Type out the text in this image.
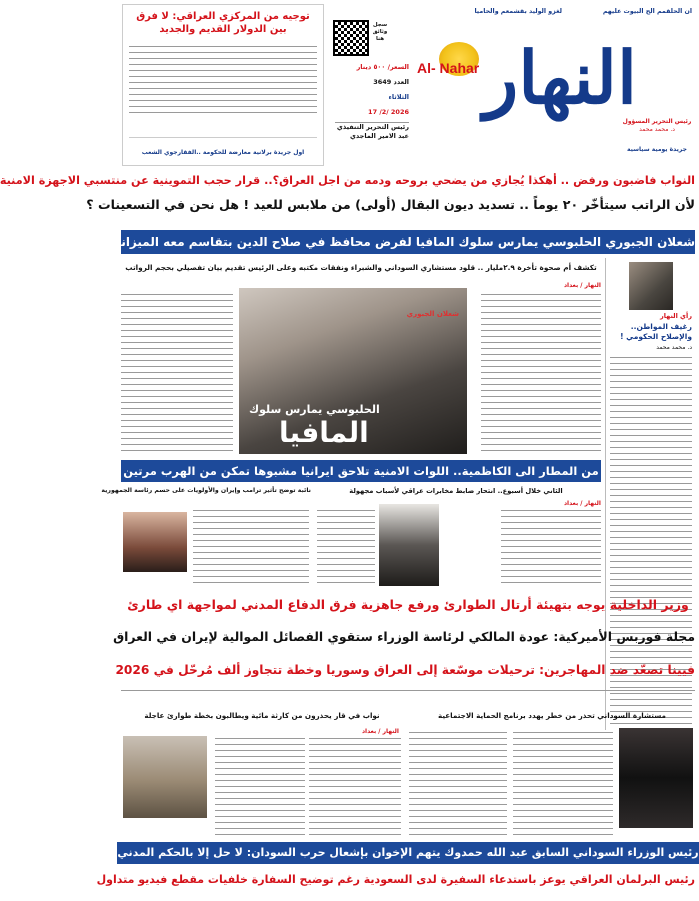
ان الحلقمم الح البيوت عليهم
لغزو الوليد بقشمعم والحاميا
توجيه من المركزي العراقي: لا فرق بين الدولار القديم والجديد
اول جريدة برلانية معارضة للحكومة ..الفقارجوي الشعب
سجل وثائق هنا
السعر/ ٥٠٠ دينار
العدد 3649
الثلاثاء
2026 /2/ 17
رئيس التحرير التنفيذي
عبد الامير الماجدي
Al- Nahar النهار
رئيس التحرير المسؤول
د. محمد محمد
جريدة يومية سياسية
النواب فاضبون ورفض .. أهكذا يُجازي من يضحي بروحه ودمه من اجل العراق؟.. قرار حجب التموينية عن منتسبي الاجهزة الامنية
لأن الراتب سيتأخّر ٢٠ يوماً .. تسديد ديون البقال (أولى) من ملابس للعيد ! هل نحن في التسعينات ؟
شعلان الجبوري الحلبوسي يمارس سلوك المافيا لفرض محافظ في صلاح الدين بتقاسم معه الميزانية
رأي النهار
رغيف المواطن.. والإصلاح الحكومي !
د. محمد محمد
تكشف أم صحوة تأخرة ٢.٩مليار .. قلود مستشاري السوداني والشبراء ونفقات مكتبه وعلى الرئيس تقديم بيان تفصيلي بحجم الرواتب
النهار / بغداد
شعلان الجبوري
الحلبوسي يمارس سلوك
المافيا
من المطار الى الكاظمية.. اللوات الامنية تلاحق ايرانيا مشبوها تمكن من الهرب مرتين
الثاني خلال أسبوع.. انتحار ضابط مخابرات عراقي لأسباب مجهولة
نائبة توضح تأثير ترامب وإيران والأولويات على حسم رئاسة الجمهورية
النهار / بغداد
وزير الداخلية يوجه بتهيئة أرتال الطوارئ ورفع جاهزية فرق الدفاع المدني لمواجهة اي طارئ
مجلة فوربس الأميركية: عودة المالكي لرئاسة الوزراء ستقوي الفصائل الموالية لإيران في العراق
فيينا تصعّد ضد المهاجرين: ترحيلات موسّعة إلى العراق وسوريا وخطة تتجاوز ألف مُرحّل في 2026
مستشارة السوداني تحذر من خطر يهدد برنامج الحماية الاجتماعية
نواب في قار يحذرون من كارثة مائية ويطالبون بخطة طوارئ عاجلة
النهار / بغداد
رئيس الوزراء السوداني السابق عبد الله حمدوك يتهم الإخوان بإشعال حرب السودان: لا حل إلا بالحكم المدني
رئيس البرلمان العراقي يوعز باستدعاء السفيرة لدى السعودية رغم توضيح السفارة خلفيات مقطع فيديو متداول
